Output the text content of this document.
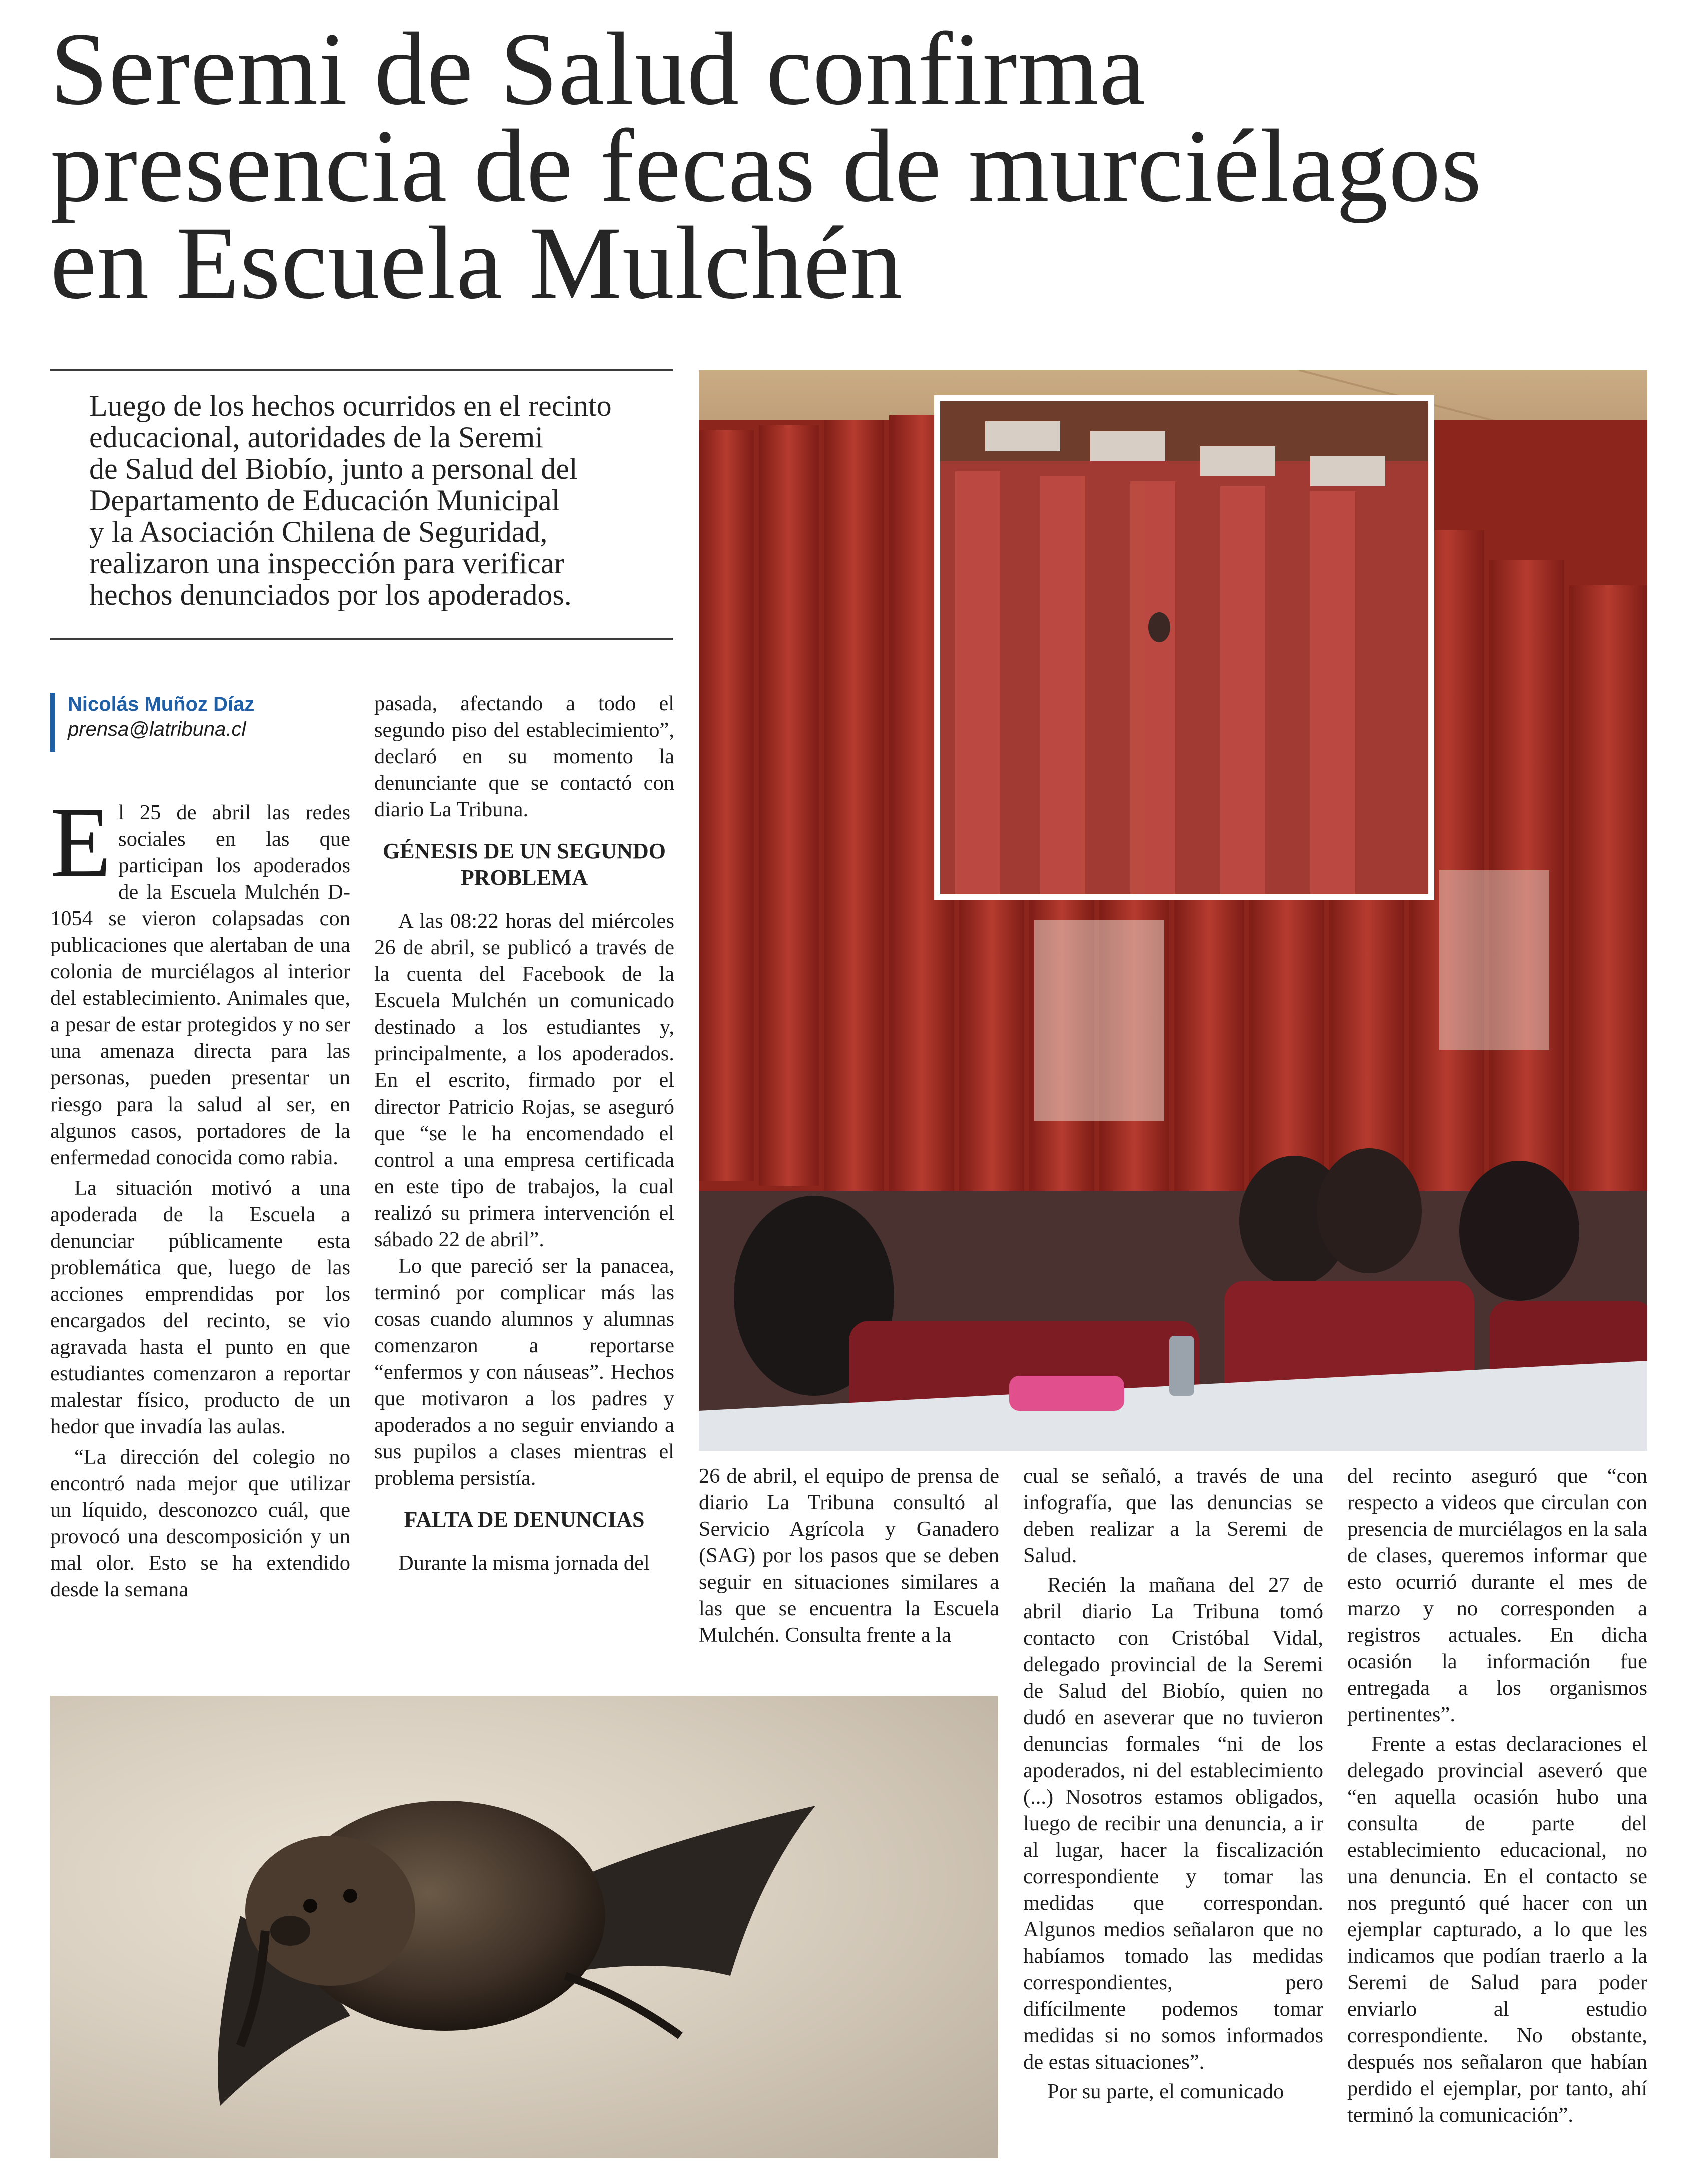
Seremi de Salud confirma
presencia de fecas de murciélagos
en Escuela Mulchén
Luego de los hechos ocurridos en el recinto
educacional, autoridades de la Seremi
de Salud del Biobío, junto a personal del
Departamento de Educación Municipal
y la Asociación Chilena de Seguridad,
realizaron una inspección para verificar
hechos denunciados por los apoderados.
Nicolás Muñoz Díaz
prensa@latribuna.cl

El 25 de abril las redes sociales en las que participan los apoderados de la Escuela Mulchén D-1054 se vieron colapsadas con publicaciones que alertaban de una colonia de murciélagos al interior del establecimiento. Animales que, a pesar de estar protegidos y no ser una amenaza directa para las personas, pueden presentar un riesgo para la salud al ser, en algunos casos, portadores de la enfermedad conocida como rabia.

La situación motivó a una apoderada de la Escuela a denunciar públicamente esta problemática que, luego de las acciones emprendidas por los encargados del recinto, se vio agravada hasta el punto en que estudiantes comenzaron a reportar malestar físico, producto de un hedor que invadía las aulas.

“La dirección del colegio no encontró nada mejor que utilizar un líquido, desconozco cuál, que provocó una descomposición y un mal olor. Esto se ha extendido desde la semana

pasada, afectando a todo el segundo piso del establecimiento”, declaró en su momento la denunciante que se contactó con diario La Tribuna.

GÉNESIS DE UN SEGUNDO PROBLEMA

A las 08:22 horas del miércoles 26 de abril, se publicó a través de la cuenta del Facebook de la Escuela Mulchén un comunicado destinado a los estudiantes y, principalmente, a los apoderados. En el escrito, firmado por el director Patricio Rojas, se aseguró que “se le ha encomendado el control a una empresa certificada en este tipo de trabajos, la cual realizó su primera intervención el sábado 22 de abril”.

Lo que pareció ser la panacea, terminó por complicar más las cosas cuando alumnos y alumnas comenzaron a reportarse “enfermos y con náuseas”. Hechos que motivaron a los padres y apoderados a no seguir enviando a sus pupilos a clases mientras el problema persistía.

FALTA DE DENUNCIAS

Durante la misma jornada del

26 de abril, el equipo de prensa de diario La Tribuna consultó al Servicio Agrícola y Ganadero (SAG) por los pasos que se deben seguir en situaciones similares a las que se encuentra la Escuela Mulchén. Consulta frente a la

cual se señaló, a través de una infografía, que las denuncias se deben realizar a la Seremi de Salud.

Recién la mañana del 27 de abril diario La Tribuna tomó contacto con Cristóbal Vidal, delegado provincial de la Seremi de Salud del Biobío, quien no dudó en aseverar que no tuvieron denuncias formales “ni de los apoderados, ni del establecimiento (...) Nosotros estamos obligados, luego de recibir una denuncia, a ir al lugar, hacer la fiscalización correspondiente y tomar las medidas que correspondan. Algunos medios señalaron que no habíamos tomado las medidas correspondientes, pero difícilmente podemos tomar medidas si no somos informados de estas situaciones”.

Por su parte, el comunicado

del recinto aseguró que “con respecto a videos que circulan con presencia de murciélagos en la sala de clases, queremos informar que esto ocurrió durante el mes de marzo y no corresponden a registros actuales. En dicha ocasión la información fue entregada a los organismos pertinentes”.

Frente a estas declaraciones el delegado provincial aseveró que “en aquella ocasión hubo una consulta de parte del establecimiento educacional, no una denuncia. En el contacto se nos preguntó qué hacer con un ejemplar capturado, a lo que les indicamos que podían traerlo a la Seremi de Salud para poder enviarlo al estudio correspondiente. No obstante, después nos señalaron que habían perdido el ejemplar, por tanto, ahí terminó la comunicación”.
